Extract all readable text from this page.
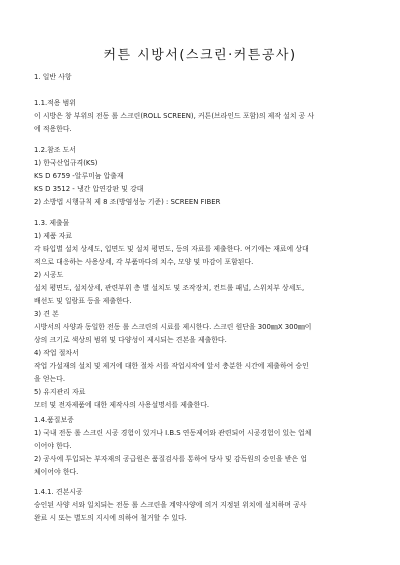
커튼 시방서(스크린·커튼공사)
1. 일반 사항
1.1.적용 범위
이 시방은 창 부위의 전동 롤 스크린(ROLL SCREEN), 커튼(브라인드 포함)의 제작 설치 공 사
에 적용한다.
1.2.참조 도서
1) 한국산업규격(KS)
KS D 6759 -알루미늄 압출재
KS D 3512 - 냉간 압연강판 및 강대
2) 소방법 시행규칙 제 8 조(방염성능 기준) : SCREEN FIBER
1.3. 제출물
1) 제품 자료
각 타입별 설치 상세도, 입면도 및 설치 평면도, 등의 자료를 제출한다. 여기에는 재료에 상대
적으로 대응하는 사용상세, 각 부품마다의 치수, 모양 및 마감이 포함된다.
2) 시공도
설치 평면도, 설치상세, 관련부위 층 별 설치도 및 조작장치, 컨트롤 패널, 스위치부 상세도,
배선도 및 일람표 등을 제출한다.
3) 견 본
시방서의 사양과 동일한 전동 롤 스크린의 시료를 제시한다. 스크린 원단을 300㎜X 300㎜이
상의 크기로 색상의 범위 및 다양성이 제시되는 견본을 제출한다.
4) 작업 절차서
작업 가설재의 설치 및 제거에 대한 절차 서를 작업시작에 앞서 충분한 시간에 제출하여 승인
을 얻는다.
5) 유지관리 자료
모터 및 전자제품에 대한 제작사의 사용설명서를 제출한다.
1.4.품질보증
1) 국내 전동 롤 스크린 시공 경험이 있거나 I.B.S 연동제어와 관련되어 시공경험이 있는 업체
이어야 한다.
2) 공사에 투입되는 부자재의 공급원은 품질검사를 통하여 당사 및 감독원의 승인을 받은 업
체이어야 한다.
1.4.1. 견본시공
승인된 사양 서와 일치되는 전동 롤 스크린을 계약사양에 의거 지정된 위치에 설치하며 공사
완료 시 또는 별도의 지시에 의하여 철거할 수 있다.
